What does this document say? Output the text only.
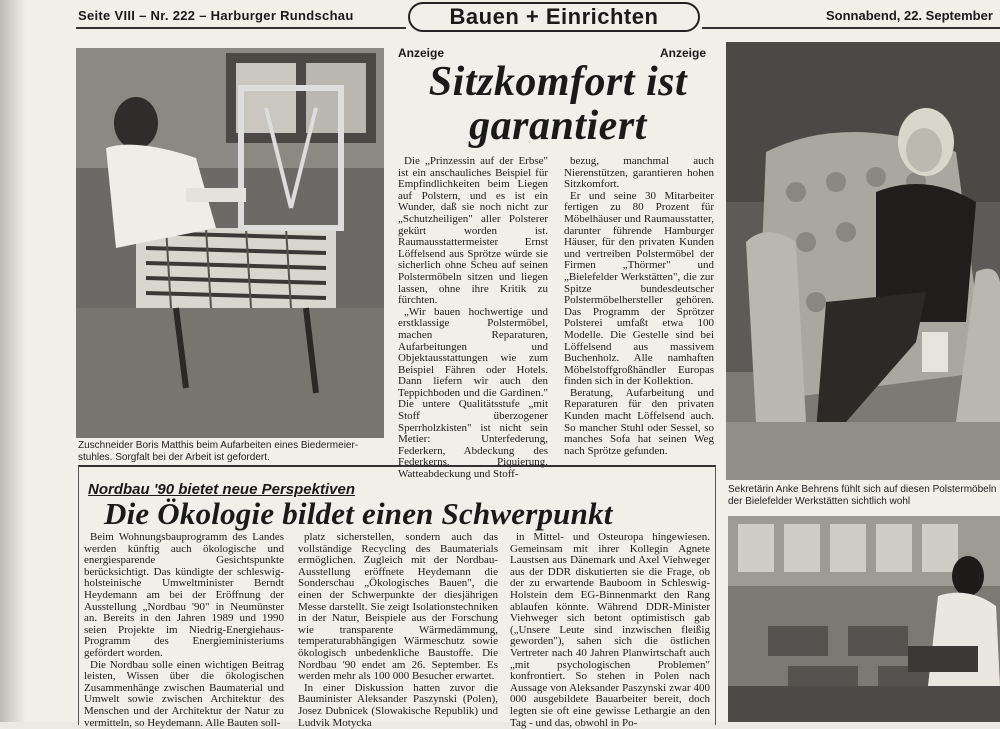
Seite VIII – Nr. 222 – Harburger Rundschau	Bauen + Einrichten	Sonnabend, 22. September
Zuschneider Boris Matthis beim Aufarbeiten eines Biedermeier-stuhles. Sorgfalt bei der Arbeit ist gefordert.
Anzeige	Anzeige
Sitzkomfort ist garantiert

Die „Prinzessin auf der Erbse" ist ein anschauliches Beispiel für Empfindlichkeiten beim Liegen auf Polstern, und es ist ein Wunder, daß sie noch nicht zur „Schutzheiligen" aller Polsterer gekürt worden ist. Raumausstattermeister Ernst Löffelsend aus Sprötze würde sie sicherlich ohne Scheu auf seinen Polstermöbeln sitzen und liegen lassen, ohne ihre Kritik zu fürchten.

„Wir bauen hochwertige und erstklassige Polstermöbel, machen Reparaturen, Aufarbeitungen und Objektausstattungen wie zum Beispiel Fähren oder Hotels. Dann liefern wir auch den Teppichboden und die Gardinen." Die untere Qualitätsstufe „mit Stoff überzogener Sperrholzkisten" ist nicht sein Metier: Unterfederung, Federkern, Abdeckung des Federkerns, Piquierung, Watteabdeckung und Stoff-

bezug, manchmal auch Nierenstützen, garantieren hohen Sitzkomfort.

Er und seine 30 Mitarbeiter fertigen zu 80 Prozent für Möbelhäuser und Raumausstatter, darunter führende Hamburger Häuser, für den privaten Kunden und vertreiben Polstermöbel der Firmen „Thörmer" und „Bielefelder Werkstätten", die zur Spitze bundesdeutscher Polstermöbelhersteller gehören. Das Programm der Sprötzer Polsterei umfaßt etwa 100 Modelle. Die Gestelle sind bei Löffelsend aus massivem Buchenholz. Alle namhaften Möbelstoffgroßhändler Europas finden sich in der Kollektion.

Beratung, Aufarbeitung und Reparaturen für den privaten Kunden macht Löffelsend auch. So mancher Stuhl oder Sessel, so manches Sofa hat seinen Weg nach Sprötze gefunden.

Sekretärin Anke Behrens fühlt sich auf diesen Polstermöbeln der Bielefelder Werkstätten sichtlich wohl
Nordbau '90 bietet neue Perspektiven
Die Ökologie bildet einen Schwerpunkt

Beim Wohnungsbauprogramm des Landes werden künftig auch ökologische und energiesparende Gesichtspunkte berücksichtigt. Das kündigte der schleswig-holsteinische Umweltminister Berndt Heydemann am bei der Eröffnung der Ausstellung „Nordbau '90" in Neumünster an. Bereits in den Jahren 1989 und 1990 seien Projekte im Niedrig-Energiehaus-Programm des Energieministeriums gefördert worden.

Die Nordbau solle einen wichtigen Beitrag leisten, Wissen über die ökologischen Zusammenhänge zwischen Baumaterial und Umwelt sowie zwischen Architektur des Menschen und der Architektur der Natur zu vermitteln, so Heydemann. Alle Bauten soll-

platz sicherstellen, sondern auch das vollständige Recycling des Baumaterials ermöglichen. Zugleich mit der Nordbau-Ausstellung eröffnete Heydemann die Sonderschau „Ökologisches Bauen", die einen der Schwerpunkte der diesjährigen Messe darstellt. Sie zeigt Isolationstechniken in der Natur, Beispiele aus der Forschung wie transparente Wärmedämmung, temperaturabhängigen Wärmeschutz sowie ökologisch unbedenkliche Baustoffe. Die Nordbau '90 endet am 26. September. Es werden mehr als 100 000 Besucher erwartet.

In einer Diskussion hatten zuvor die Bauminister Aleksander Paszynski (Polen), Josez Dubnicek (Slowakische Republik) und Ludvik Motycka

in Mittel- und Osteuropa hingewiesen. Gemeinsam mit ihrer Kollegin Agnete Laustsen aus Dänemark und Axel Viehweger aus der DDR diskutierten sie die Frage, ob der zu erwartende Bauboom in Schleswig-Holstein dem EG-Binnenmarkt den Rang ablaufen könnte. Während DDR-Minister Viehweger sich betont optimistisch gab („Unsere Leute sind inzwischen fleißig geworden"), sahen sich die östlichen Vertreter nach 40 Jahren Planwirtschaft auch „mit psychologischen Problemen" konfrontiert. So stehen in Polen nach Aussage von Aleksander Paszynski zwar 400 000 ausgebildete Bauarbeiter bereit, doch legten sie oft eine gewisse Lethargie an den Tag - und das, obwohl in Po-
